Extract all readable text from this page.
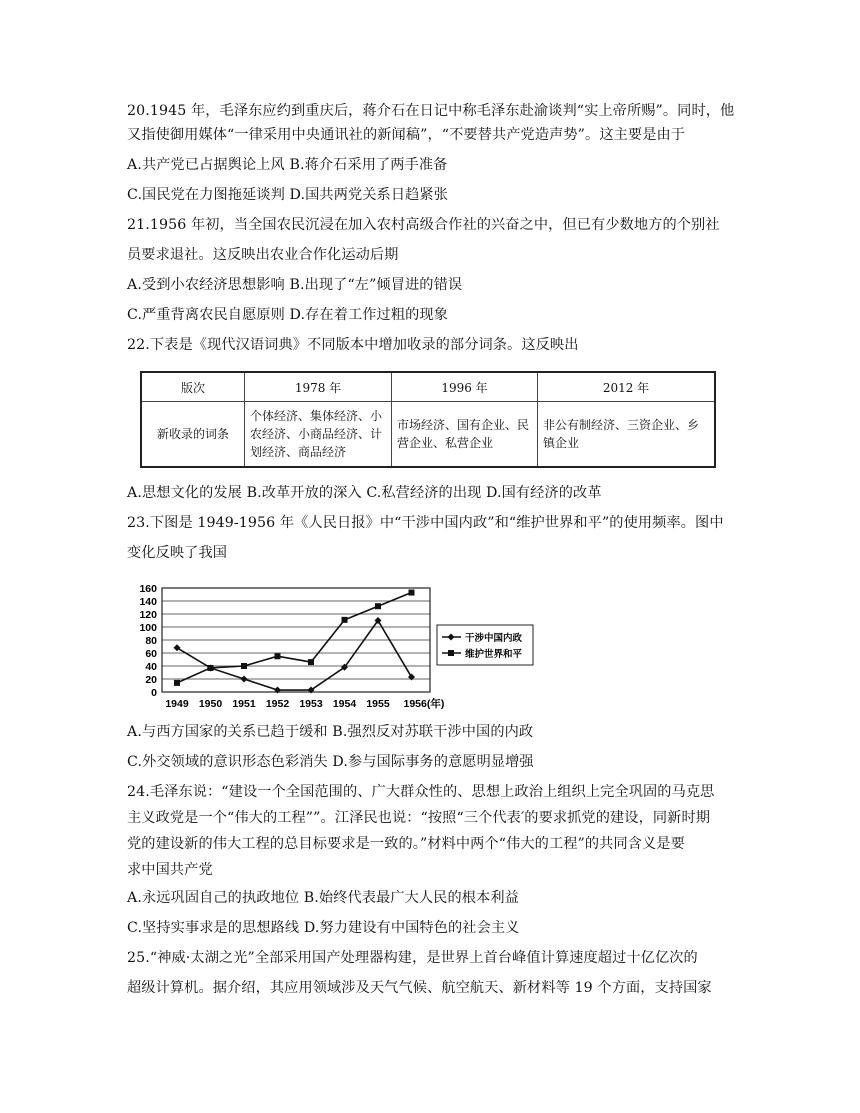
20.1945 年，毛泽东应约到重庆后，蒋介石在日记中称毛泽东赴渝谈判“实上帝所赐”。同时，他
又指使御用媒体“一律采用中央通讯社的新闻稿”，“不要替共产党造声势”。这主要是由于
A.共产党已占据舆论上风 B.蒋介石采用了两手准备
C.国民党在力图拖延谈判 D.国共两党关系日趋紧张
21.1956 年初，当全国农民沉浸在加入农村高级合作社的兴奋之中，但已有少数地方的个别社
员要求退社。这反映出农业合作化运动后期
A.受到小农经济思想影响 B.出现了“左”倾冒进的错误
C.严重背离农民自愿原则 D.存在着工作过粗的现象
22.下表是《现代汉语词典》不同版本中增加收录的部分词条。这反映出
版次	1978 年	1996 年	2012 年
新收录的词条	个体经济、集体经济、小农经济、小商品经济、计划经济、商品经济	市场经济、国有企业、民营企业、私营企业	非公有制经济、三资企业、乡镇企业
A.思想文化的发展 B.改革开放的深入 C.私营经济的出现 D.国有经济的改革
23.下图是 1949-1956 年《人民日报》中“干涉中国内政”和“维护世界和平”的使用频率。图中
变化反映了我国
160
140
120
100
80
60
40
20
0
1949 1950 1951 1952 1953 1954 1955 1956(年)
干涉中国内政
维护世界和平
A.与西方国家的关系已趋于缓和 B.强烈反对苏联干涉中国的内政
C.外交领域的意识形态色彩消失 D.参与国际事务的意愿明显增强
24.毛泽东说：“建设一个全国范围的、广大群众性的、思想上政治上组织上完全巩固的马克思
主义政党是一个“伟大的工程””。江泽民也说：“按照“三个代表′的要求抓党的建设，同新时期
党的建设新的伟大工程的总目标要求是一致的。”材料中两个“伟大的工程”的共同含义是要
求中国共产党
A.永远巩固自己的执政地位 B.始终代表最广大人民的根本利益
C.坚持实事求是的思想路线 D.努力建设有中国特色的社会主义
25.“神威·太湖之光”全部采用国产处理器构建，是世界上首台峰值计算速度超过十亿亿次的
超级计算机。据介绍，其应用领域涉及天气气候、航空航天、新材料等 19 个方面，支持国家
